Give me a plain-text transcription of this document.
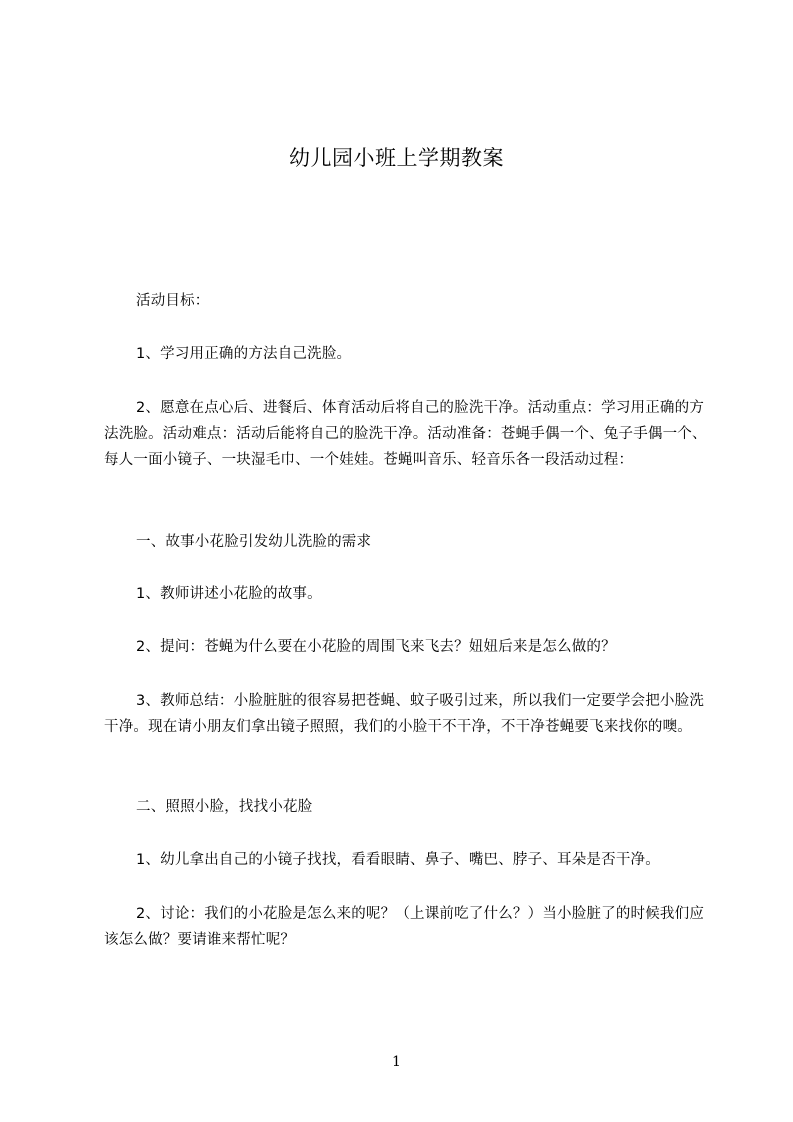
幼儿园小班上学期教案

活动目标：

1、学习用正确的方法自己洗脸。

2、愿意在点心后、进餐后、体育活动后将自己的脸洗干净。活动重点：学习用正确的方法洗脸。活动难点：活动后能将自己的脸洗干净。活动准备：苍蝇手偶一个、兔子手偶一个、每人一面小镜子、一块湿毛巾、一个娃娃。苍蝇叫音乐、轻音乐各一段活动过程：

一、故事小花脸引发幼儿洗脸的需求

1、教师讲述小花脸的故事。

2、提问：苍蝇为什么要在小花脸的周围飞来飞去？妞妞后来是怎么做的？

3、教师总结：小脸脏脏的很容易把苍蝇、蚊子吸引过来，所以我们一定要学会把小脸洗干净。现在请小朋友们拿出镜子照照，我们的小脸干不干净，不干净苍蝇要飞来找你的噢。

二、照照小脸，找找小花脸

1、幼儿拿出自己的小镜子找找，看看眼睛、鼻子、嘴巴、脖子、耳朵是否干净。

2、讨论：我们的小花脸是怎么来的呢？（上课前吃了什么？）当小脸脏了的时候我们应该怎么做？要请谁来帮忙呢？

1
